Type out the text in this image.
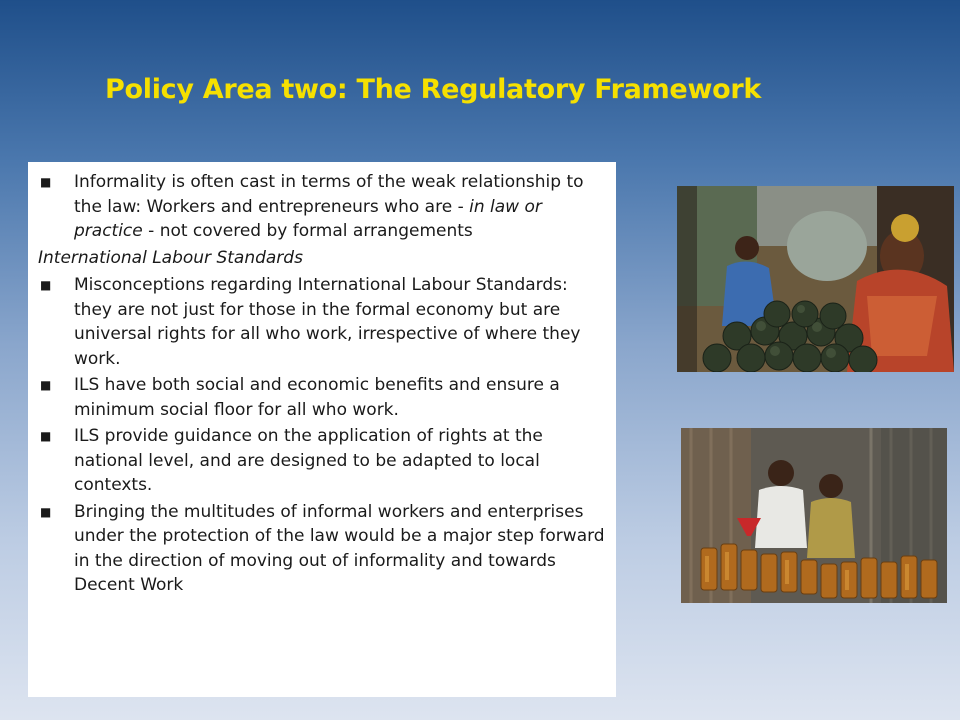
Policy Area two: The Regulatory Framework
■	Informality is often cast in terms of the weak relationship to the law: Workers and entrepreneurs who are - in law or practice - not covered by formal arrangements
International Labour Standards
■	Misconceptions regarding International Labour Standards: they are not just for those in the formal economy but are universal rights for all who work, irrespective of where they work.
■	ILS have both social and economic benefits and ensure a minimum social floor for all who work.
■	ILS provide guidance on the application of rights at the national level, and are designed to be adapted to local contexts.
■	Bringing the multitudes of informal workers and enterprises under the protection of the law would be a major step forward in the direction of moving out of informality and towards Decent Work
